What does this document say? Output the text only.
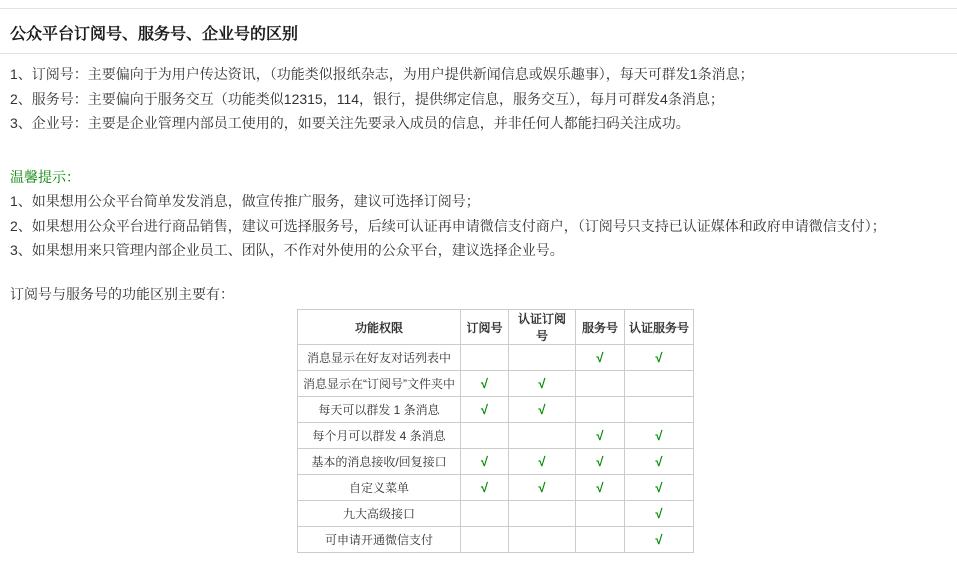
公众平台订阅号、服务号、企业号的区别
1、订阅号：主要偏向于为用户传达资讯，（功能类似报纸杂志，为用户提供新闻信息或娱乐趣事），每天可群发1条消息；
2、服务号：主要偏向于服务交互（功能类似12315，114，银行，提供绑定信息，服务交互），每月可群发4条消息；
3、企业号：主要是企业管理内部员工使用的，如要关注先要录入成员的信息，并非任何人都能扫码关注成功。
温馨提示：
1、如果想用公众平台简单发发消息，做宣传推广服务，建议可选择订阅号；
2、如果想用公众平台进行商品销售，建议可选择服务号，后续可认证再申请微信支付商户，（订阅号只支持已认证媒体和政府申请微信支付）；
3、如果想用来只管理内部企业员工、团队，不作对外使用的公众平台，建议选择企业号。
订阅号与服务号的功能区别主要有：
功能权限	订阅号	认证订阅号	服务号	认证服务号
消息显示在好友对话列表中			√	√
消息显示在“订阅号”文件夹中	√	√		
每天可以群发 1 条消息	√	√		
每个月可以群发 4 条消息			√	√
基本的消息接收/回复接口	√	√	√	√
自定义菜单	√	√	√	√
九大高级接口				√
可申请开通微信支付				√
